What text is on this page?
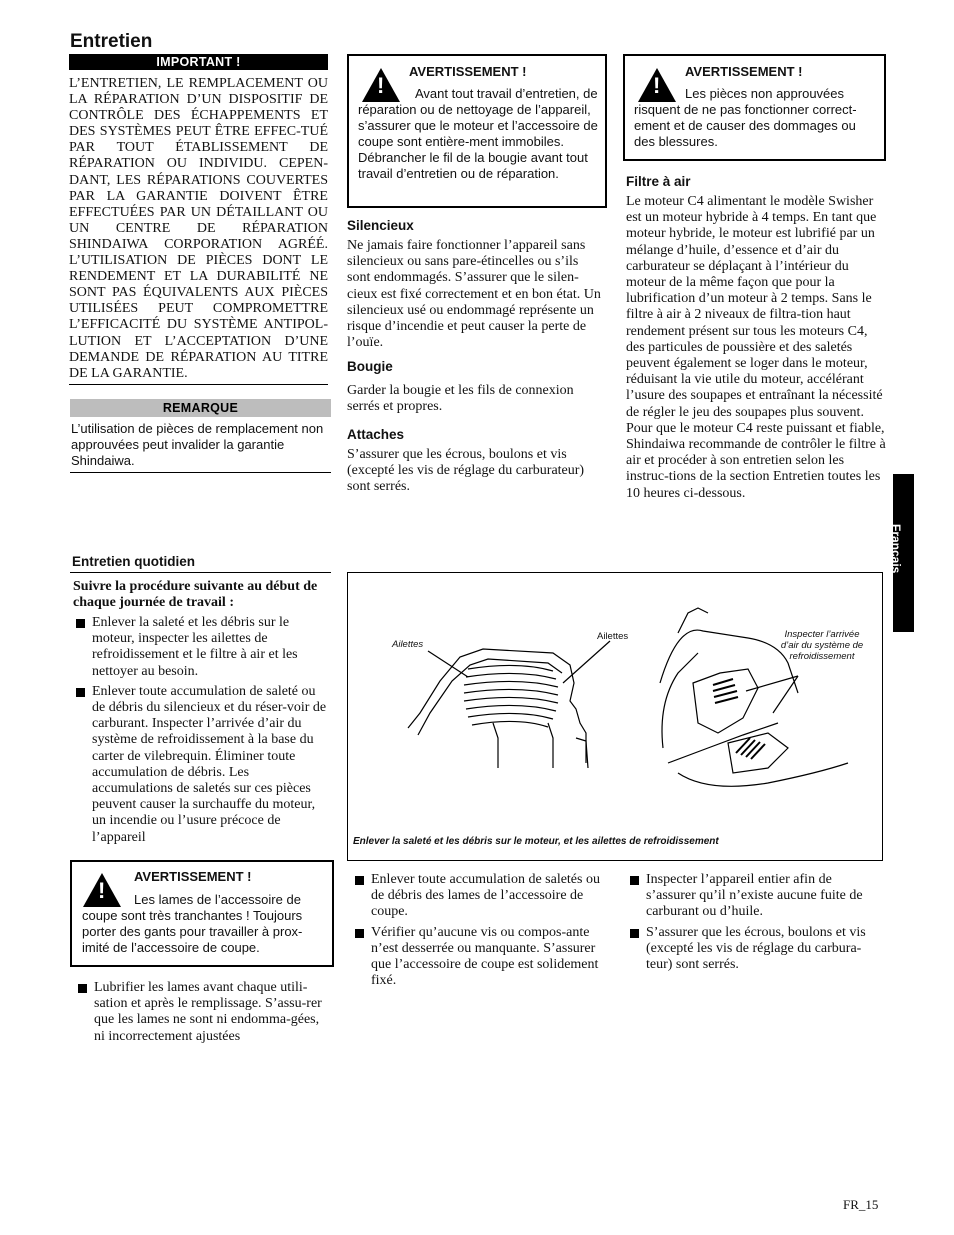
Entretien
IMPORTANT !
L’ENTRETIEN, LE REMPLACEMENT OU LA RÉPARATION D’UN DISPOSITIF DE CONTRÔLE DES ÉCHAPPEMENTS ET DES SYSTÈMES PEUT ÊTRE EFFEC-TUÉ PAR TOUT ÉTABLISSEMENT DE RÉPARATION OU INDIVIDU. CEPEN-DANT, LES RÉPARATIONS COUVERTES PAR LA GARANTIE DOIVENT ÊTRE EFFECTUÉES PAR UN DÉTAILLANT OU UN CENTRE DE RÉPARATION SHINDAIWA CORPORATION AGRÉÉ. L’UTILISATION DE PIÈCES DONT LE RENDEMENT ET LA DURABILITÉ NE SONT PAS ÉQUIVALENTS AUX PIÈCES UTILISÉES PEUT COMPROMETTRE L’EFFICACITÉ DU SYSTÈME ANTIPOL-LUTION ET L’ACCEPTATION D’UNE DEMANDE DE RÉPARATION AU TITRE DE LA GARANTIE.
REMARQUE
L’utilisation de pièces de remplacement non approuvées peut invalider la garantie Shindaiwa.
!
AVERTISSEMENT !
Avant tout travail d’entretien, de réparation ou de nettoyage de l’appareil, s’assurer que le moteur et l’accessoire de coupe sont entière-ment immobiles. Débrancher le fil de la bougie avant tout travail d’entretien ou de réparation.
Silencieux
Ne jamais faire fonctionner l’appareil sans silencieux ou sans pare-étincelles ou s’ils sont endommagés. S’assurer que le silen-cieux est fixé correctement et en bon état. Un silencieux usé ou endommagé représente un risque d’incendie et peut causer la perte de l’ouïe.
Bougie
Garder la bougie et les fils de connexion serrés et propres.
Attaches
S’assurer que les écrous, boulons et vis (excepté les vis de réglage du carburateur) sont serrés.
!
AVERTISSEMENT !
Les pièces non approuvées risquent de ne pas fonctionner correct-ement et de causer des dommages ou des blessures.
Filtre à air
Le moteur C4 alimentant le modèle Swisher est un moteur hybride à 4 temps. En tant que moteur hybride, le moteur est lubrifié par un mélange d’huile, d’essence et d’air du carburateur se déplaçant à l’intérieur du moteur de la même façon que pour la lubrification d’un moteur à 2 temps. Sans le filtre à air à 2 niveaux de filtra-tion haut rendement présent sur tous les moteurs C4, des particules de poussière et des saletés peuvent également se loger dans le moteur, réduisant la vie utile du moteur, accélérant l’usure des soupapes et entraînant la nécessité de régler le jeu des soupapes plus souvent. Pour que le moteur C4 reste puissant et fiable, Shindaiwa recommande de contrôler le filtre à air et procéder à son entretien selon les instruc-tions de la section Entretien toutes les 10 heures ci-dessous.
Français
Entretien quotidien
Suivre la procédure suivante au début de chaque journée de travail :
Enlever la saleté et les débris sur le moteur, inspecter les ailettes de refroidissement et le filtre à air et les nettoyer au besoin.
Enlever toute accumulation de saleté ou de débris du silencieux et du réser-voir de carburant. Inspecter l’arrivée d’air du système de refroidissement à la base du carter de vilebrequin. Éliminer toute accumulation de débris. Les accumulations de saletés sur ces pièces peuvent causer la surchauffe du moteur, un incendie ou l’usure précoce de l’appareil
!
AVERTISSEMENT !
Les lames de l’accessoire de coupe sont très tranchantes ! Toujours porter des gants pour travailler à prox-imité de l’accessoire de coupe.
Lubrifier les lames avant chaque utili-sation et après le remplissage. S’assu-rer que les lames ne sont ni endomma-gées, ni incorrectement ajustées
Ailettes
Ailettes	Inspecter l’arrivée d’air du système de refroidissement
Enlever la saleté et les débris sur le moteur, et les ailettes de refroidissement
Enlever toute accumulation de saletés ou de débris des lames de l’accessoire de coupe.
Vérifier qu’aucune vis ou compos-ante n’est desserrée ou manquante. S’assurer que l’accessoire de coupe est solidement fixé.
Inspecter l’appareil entier afin de s’assurer qu’il n’existe aucune fuite de carburant ou d’huile.
S’assurer que les écrous, boulons et vis (excepté les vis de réglage du carbura-teur) sont serrés.
FR_15
